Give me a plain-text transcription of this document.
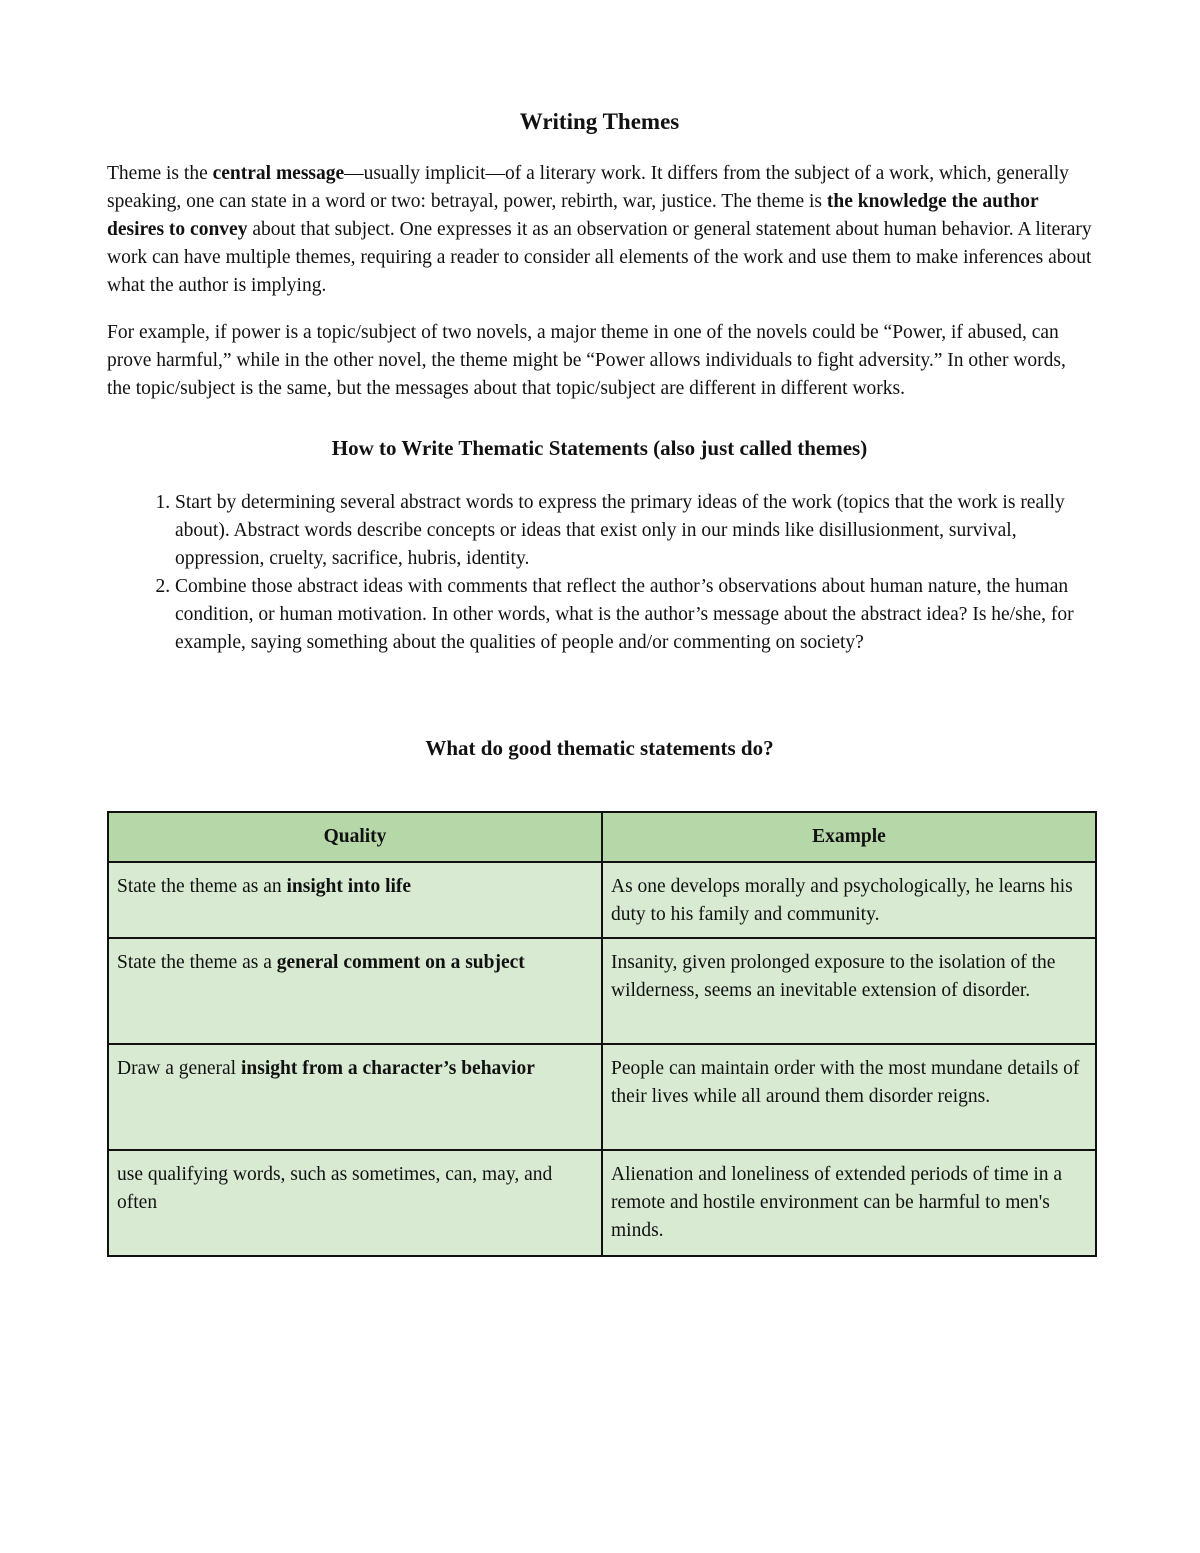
Writing Themes

Theme is the central message—usually implicit—of a literary work. It differs from the subject of a work, which, generally speaking, one can state in a word or two: betrayal, power, rebirth, war, justice. The theme is the knowledge the author desires to convey about that subject. One expresses it as an observation or general statement about human behavior. A literary work can have multiple themes, requiring a reader to consider all elements of the work and use them to make inferences about what the author is implying.

For example, if power is a topic/subject of two novels, a major theme in one of the novels could be “Power, if abused, can prove harmful,” while in the other novel, the theme might be “Power allows individuals to fight adversity.” In other words, the topic/subject is the same, but the messages about that topic/subject are different in different works.

How to Write Thematic Statements (also just called themes)
1. Start by determining several abstract words to express the primary ideas of the work (topics that the work is really about). Abstract words describe concepts or ideas that exist only in our minds like disillusionment, survival, oppression, cruelty, sacrifice, hubris, identity.
2. Combine those abstract ideas with comments that reflect the author’s observations about human nature, the human condition, or human motivation. In other words, what is the author’s message about the abstract idea? Is he/she, for example, saying something about the qualities of people and/or commenting on society?
What do good thematic statements do?
Quality	Example
State the theme as an insight into life	As one develops morally and psychologically, he learns his duty to his family and community.
State the theme as a general comment on a subject	Insanity, given prolonged exposure to the isolation of the wilderness, seems an inevitable extension of disorder.
Draw a general insight from a character’s behavior	People can maintain order with the most mundane details of their lives while all around them disorder reigns.
use qualifying words, such as sometimes, can, may, and often	Alienation and loneliness of extended periods of time in a remote and hostile environment can be harmful to men's minds.
